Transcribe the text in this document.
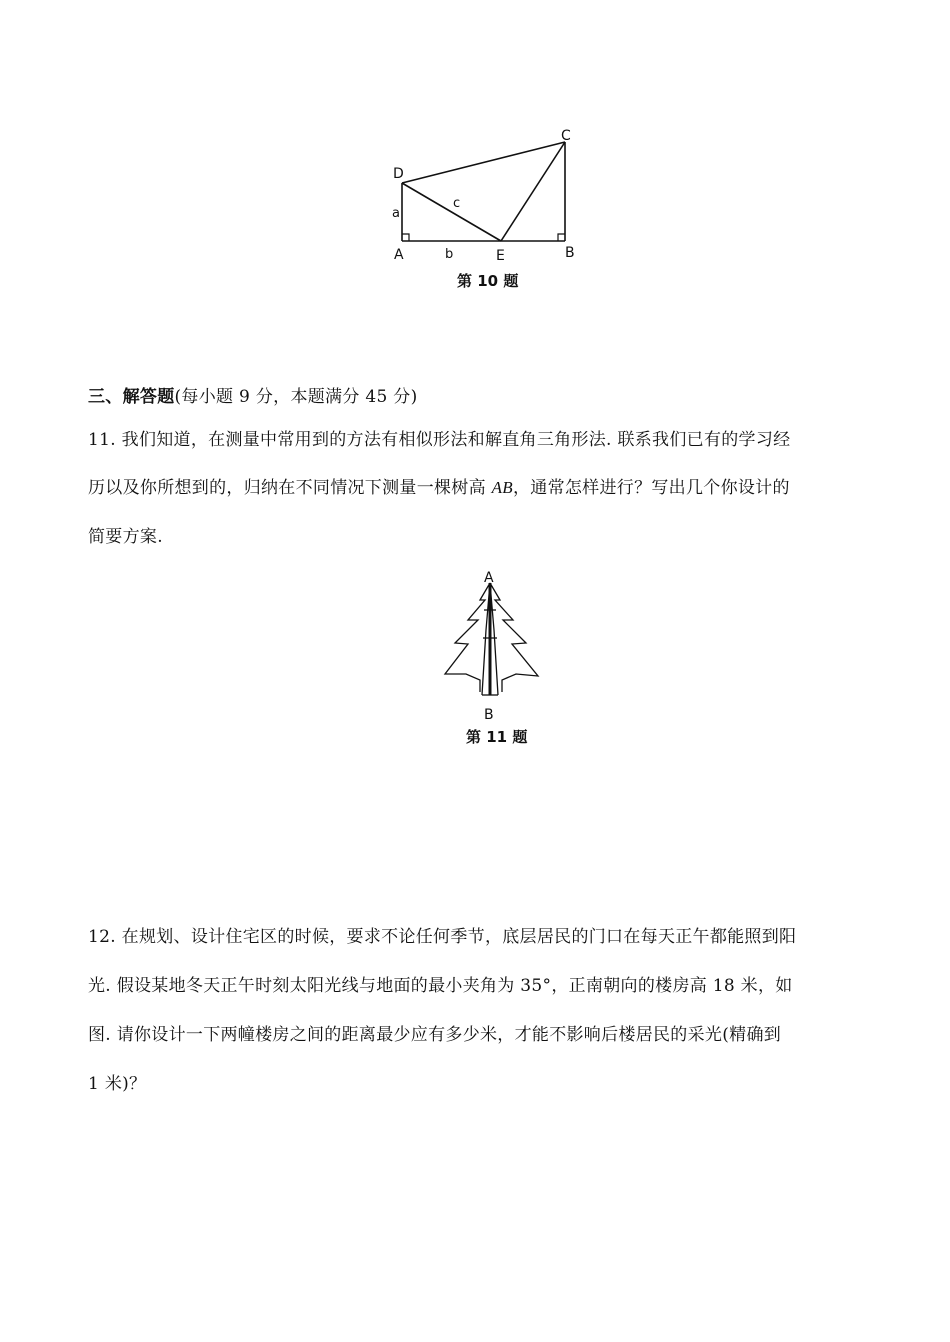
D
C
A	B
E
a
b
c
第 10 题
三、解答题(每小题 9 分，本题满分 45 分)
11. 我们知道，在测量中常用到的方法有相似形法和解直角三角形法. 联系我们已有的学习经
历以及你所想到的，归纳在不同情况下测量一棵树高 AB，通常怎样进行？写出几个你设计的
简要方案.
A
B
第 11 题
12. 在规划、设计住宅区的时候，要求不论任何季节，底层居民的门口在每天正午都能照到阳
光. 假设某地冬天正午时刻太阳光线与地面的最小夹角为 35°，正南朝向的楼房高 18 米，如
图. 请你设计一下两幢楼房之间的距离最少应有多少米，才能不影响后楼居民的采光(精确到
1 米)？
